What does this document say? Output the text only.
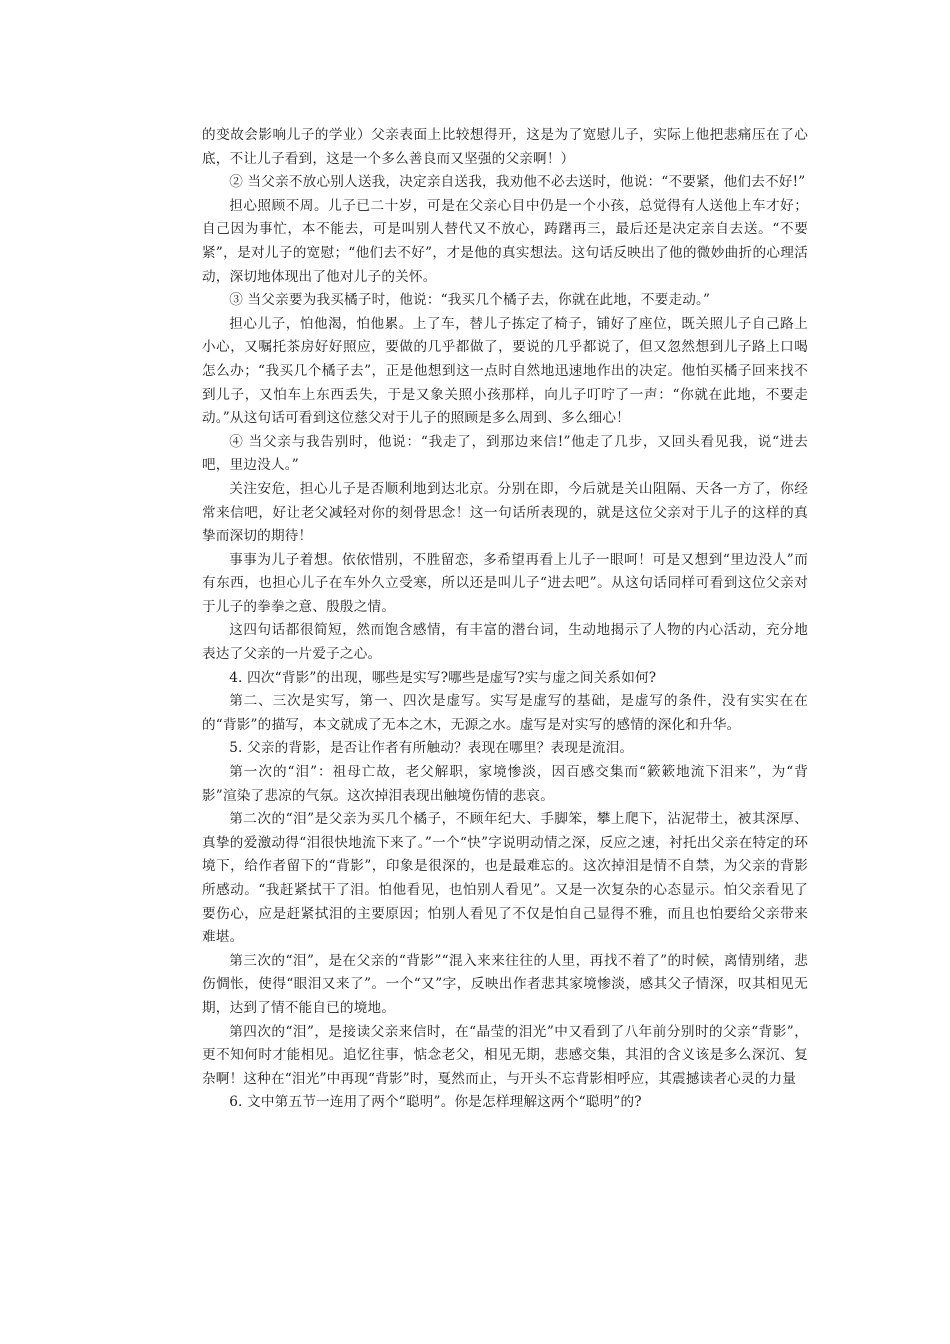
的变故会影响儿子的学业）父亲表面上比较想得开，这是为了宽慰儿子，实际上他把悲痛压在了心底，不让儿子看到，这是一个多么善良而又坚强的父亲啊！）

② 当父亲不放心别人送我，决定亲自送我，我劝他不必去送时，他说：“不要紧，他们去不好!”

担心照顾不周。儿子已二十岁，可是在父亲心目中仍是一个小孩，总觉得有人送他上车才好；自己因为事忙，本不能去，可是叫别人替代又不放心，踌躇再三，最后还是决定亲自去送。“不要紧”，是对儿子的宽慰；“他们去不好”，才是他的真实想法。这句话反映出了他的微妙曲折的心理活动，深切地体现出了他对儿子的关怀。

③ 当父亲要为我买橘子时，他说：“我买几个橘子去，你就在此地，不要走动。”

担心儿子，怕他渴，怕他累。上了车，替儿子拣定了椅子，铺好了座位，既关照儿子自己路上小心，又嘱托茶房好好照应，要做的几乎都做了，要说的几乎都说了，但又忽然想到儿子路上口喝怎么办；“我买几个橘子去”，正是他想到这一点时自然地迅速地作出的决定。他怕买橘子回来找不到儿子，又怕车上东西丢失，于是又象关照小孩那样，向儿子叮咛了一声：“你就在此地，不要走动。”从这句话可看到这位慈父对于儿子的照顾是多么周到、多么细心！

④ 当父亲与我告别时，他说：“我走了，到那边来信!”他走了几步，又回头看见我，说“进去吧，里边没人。”

关注安危，担心儿子是否顺利地到达北京。分别在即，今后就是关山阻隔、天各一方了，你经常来信吧，好让老父减轻对你的刻骨思念！这一句话所表现的，就是这位父亲对于儿子的这样的真挚而深切的期待！

事事为儿子着想。依依惜别，不胜留恋，多希望再看上儿子一眼呵！可是又想到“里边没人”而有东西，也担心儿子在车外久立受寒，所以还是叫儿子“进去吧”。从这句话同样可看到这位父亲对于儿子的拳拳之意、殷殷之情。

这四句话都很简短，然而饱含感情，有丰富的潜台词，生动地揭示了人物的内心活动，充分地表达了父亲的一片爱子之心。

4. 四次“背影”的出现，哪些是实写?哪些是虚写?实与虚之间关系如何?

第二、三次是实写，第一、四次是虚写。实写是虚写的基础，是虚写的条件，没有实实在在的“背影”的描写，本文就成了无本之木，无源之水。虚写是对实写的感情的深化和升华。

5. 父亲的背影，是否让作者有所触动？表现在哪里？表现是流泪。

第一次的“泪”：祖母亡故，老父解职，家境惨淡，因百感交集而“簌簌地流下泪来”，为“背影”渲染了悲凉的气氛。这次掉泪表现出触境伤情的悲哀。

第二次的“泪”是父亲为买几个橘子，不顾年纪大、手脚笨，攀上爬下，沾泥带土，被其深厚、真挚的爱激动得“泪很快地流下来了。”一个“快”字说明动情之深，反应之速，衬托出父亲在特定的环境下，给作者留下的“背影”，印象是很深的，也是最难忘的。这次掉泪是情不自禁，为父亲的背影所感动。“我赶紧拭干了泪。怕他看见，也怕别人看见”。又是一次复杂的心态显示。怕父亲看见了要伤心，应是赶紧拭泪的主要原因；怕别人看见了不仅是怕自己显得不雅，而且也怕要给父亲带来难堪。

第三次的“泪”，是在父亲的“背影”“混入来来往往的人里，再找不着了”的时候，离情别绪，悲伤惆怅，使得“眼泪又来了”。一个“又”字，反映出作者悲其家境惨淡，感其父子情深，叹其相见无期，达到了情不能自已的境地。

第四次的“泪”，是接读父亲来信时，在“晶莹的泪光”中又看到了八年前分别时的父亲“背影”，更不知何时才能相见。追忆往事，惦念老父，相见无期，悲感交集，其泪的含义该是多么深沉、复杂啊！这种在“泪光”中再现“背影”时，戛然而止，与开头不忘背影相呼应，其震撼读者心灵的力量

6. 文中第五节一连用了两个“聪明”。你是怎样理解这两个“聪明”的?
